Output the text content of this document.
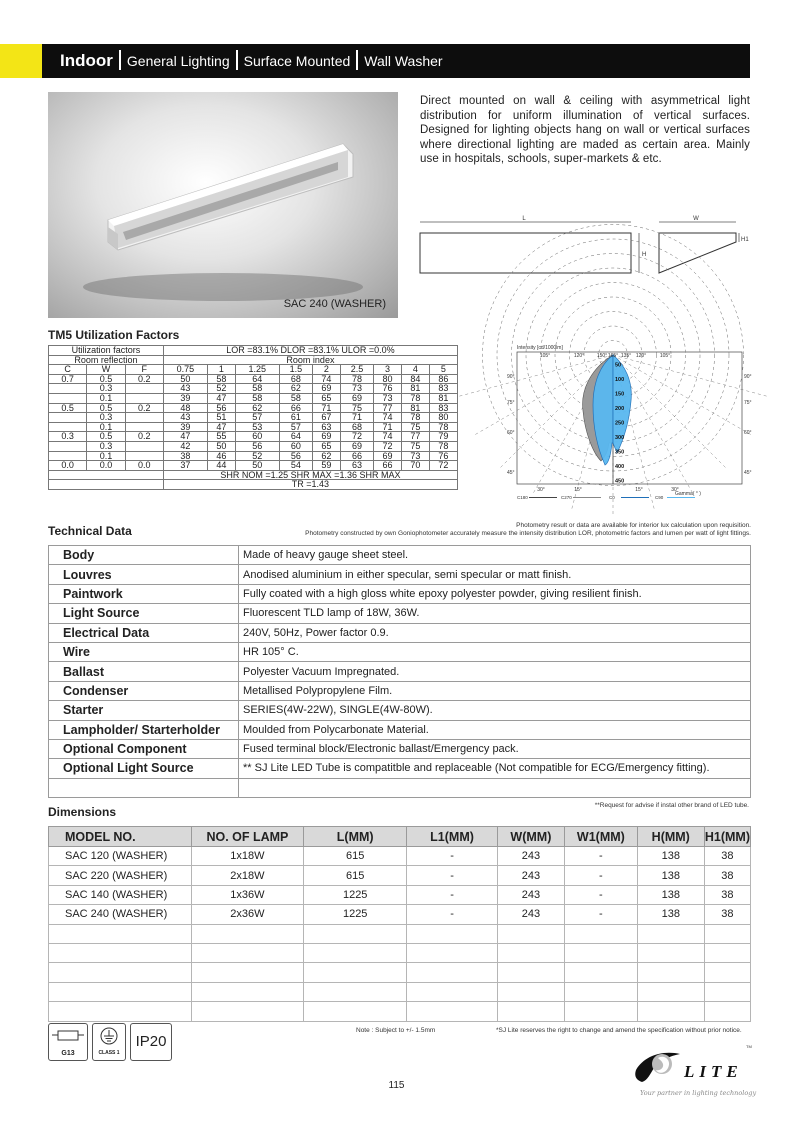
Indoor General Lighting Surface Mounted Wall Washer
SAC 240 (WASHER)
Direct mounted on wall & ceiling with asymmetrical light distribution for uniform illumination of vertical surfaces. Designed for lighting objects hang on wall or vertical surfaces where directional lighting are maded as certain area. Mainly use in hospitals, schools, super-markets & etc.
L
H
W
H1
TM5 Utilization Factors
Utilization factors			LOR =83.1% DLOR =83.1% ULOR =0.0%								
Room reflection			Room index								
C	W	F	0.75	1	1.25	1.5	2	2.5	3	4	5
0.7	0.5	0.2	50	58	64	68	74	78	80	84	86
	0.3		43	52	58	62	69	73	76	81	83
	0.1		39	47	58	58	65	69	73	78	81
0.5	0.5	0.2	48	56	62	66	71	75	77	81	83
	0.3		43	51	57	61	67	71	74	78	80
	0.1		39	47	53	57	63	68	71	75	78
0.3	0.5	0.2	47	55	60	64	69	72	74	77	79
	0.3		42	50	56	60	65	69	72	75	78
	0.1		38	46	52	56	62	66	69	73	76
0.0	0.0	0.0	37	44	50	54	59	63	66	70	72
			SHR NOM =1.25 SHR MAX =1.36 SHR MAX								
			TR =1.43								
Intensity [cd/1000lm]
50
100
150
200
250
300
350
400
450
105°	120°	150° 165° 135° 120°	105°
90°	90°
75°	75°
60°	60°
45°	45°
30°	15°	15°	30°
Gamma( ° )
C180	C270	C0	C90
Photometry result or data are available for interior lux calculation upon requisition.
Photometry constructed by own Goniophotometer accurately measure the intensity distribution LOR, photometric factors and lumen per watt of light fittings.
Technical Data
Body	Made of heavy gauge sheet steel.
Louvres	Anodised aluminium in either specular, semi specular or matt finish.
Paintwork	Fully coated with a high gloss white epoxy polyester powder, giving resilient finish.
Light Source	Fluorescent TLD lamp of 18W, 36W.
Electrical Data	240V, 50Hz, Power factor 0.9.
Wire	HR 105° C.
Ballast	Polyester Vacuum Impregnated.
Condenser	Metallised Polypropylene Film.
Starter	SERIES(4W-22W), SINGLE(4W-80W).
Lampholder/ Starterholder	Moulded from Polycarbonate Material.
Optional Component	Fused terminal block/Electronic ballast/Emergency pack.
Optional Light Source	** SJ Lite LED Tube is compatitble and replaceable (Not compatible for ECG/Emergency fitting).

Dimensions	**Request for advise if instal other brand of LED tube.
MODEL NO.	NO. OF LAMP	L(MM)	L1(MM)	W(MM)	W1(MM)	H(MM)	H1(MM)
SAC 120 (WASHER)	1x18W	615	-	243	-	138	38
SAC 220 (WASHER)	2x18W	615	-	243	-	138	38
SAC 140 (WASHER)	1x36W	1225	-	243	-	138	38
SAC 240 (WASHER)	2x36W	1225	-	243	-	138	38

Note : Subject to +/- 1.5mm	*SJ Lite reserves the right to change and amend the specification without prior notice.
G13	CLASS 1
IP20
LITE
TM
Your partner in lighting technology
115
